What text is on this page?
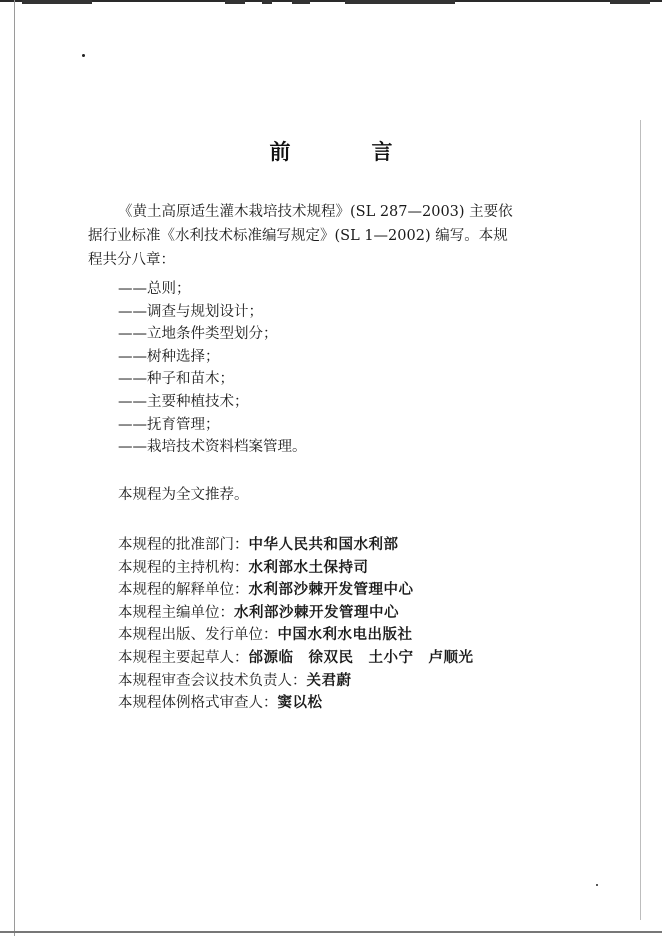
前　言
《黄土高原适生灌木栽培技术规程》(SL 287—2003) 主要依
据行业标准《水利技术标准编写规定》(SL 1—2002) 编写。本规
程共分八章：
——总则；
——调查与规划设计；
——立地条件类型划分；
——树种选择；
——种子和苗木；
——主要种植技术；
——抚育管理；
——栽培技术资料档案管理。
本规程为全文推荐。
本规程的批准部门：中华人民共和国水利部
本规程的主持机构：水利部水土保持司
本规程的解释单位：水利部沙棘开发管理中心
本规程主编单位：水利部沙棘开发管理中心
本规程出版、发行单位：中国水利水电出版社
本规程主要起草人：邰源临　徐双民　土小宁　卢顺光
本规程审查会议技术负责人：关君蔚
本规程体例格式审查人：窦以松
